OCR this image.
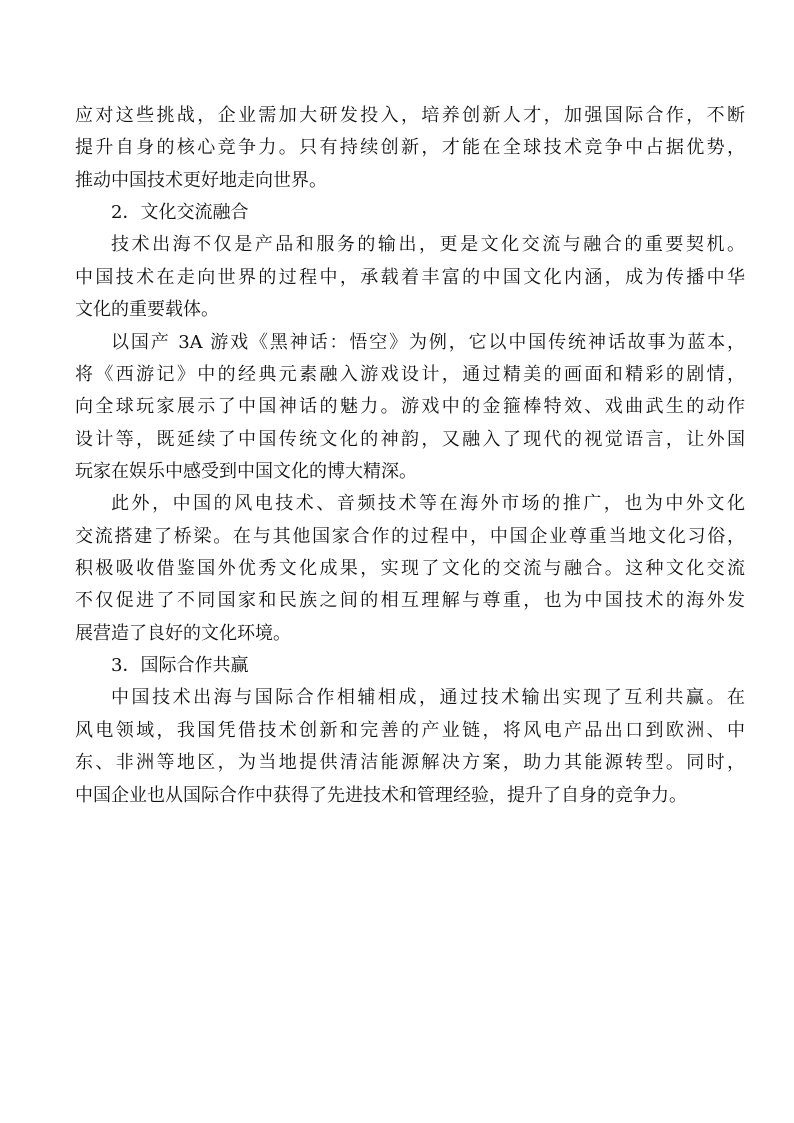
应对这些挑战，企业需加大研发投入，培养创新人才，加强国际合作，不断
提升自身的核心竞争力。只有持续创新，才能在全球技术竞争中占据优势，
推动中国技术更好地走向世界。
2．文化交流融合
技术出海不仅是产品和服务的输出，更是文化交流与融合的重要契机。
中国技术在走向世界的过程中，承载着丰富的中国文化内涵，成为传播中华
文化的重要载体。
以国产 3A 游戏《黑神话：悟空》为例，它以中国传统神话故事为蓝本，
将《西游记》中的经典元素融入游戏设计，通过精美的画面和精彩的剧情，
向全球玩家展示了中国神话的魅力。游戏中的金箍棒特效、戏曲武生的动作
设计等，既延续了中国传统文化的神韵，又融入了现代的视觉语言，让外国
玩家在娱乐中感受到中国文化的博大精深。
此外，中国的风电技术、音频技术等在海外市场的推广，也为中外文化
交流搭建了桥梁。在与其他国家合作的过程中，中国企业尊重当地文化习俗，
积极吸收借鉴国外优秀文化成果，实现了文化的交流与融合。这种文化交流
不仅促进了不同国家和民族之间的相互理解与尊重，也为中国技术的海外发
展营造了良好的文化环境。
3．国际合作共赢
中国技术出海与国际合作相辅相成，通过技术输出实现了互利共赢。在
风电领域，我国凭借技术创新和完善的产业链，将风电产品出口到欧洲、中
东、非洲等地区，为当地提供清洁能源解决方案，助力其能源转型。同时，
中国企业也从国际合作中获得了先进技术和管理经验，提升了自身的竞争力。
